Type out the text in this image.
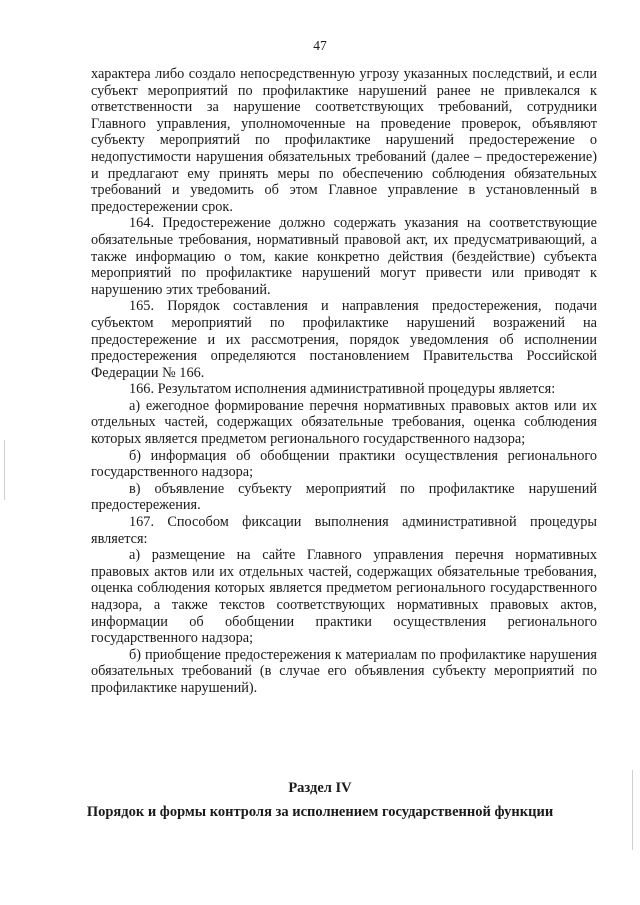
47

характера либо создало непосредственную угрозу указанных последствий, и если субъект мероприятий по профилактике нарушений ранее не привлекался к ответственности за нарушение соответствующих требований, сотрудники Главного управления, уполномоченные на проведение проверок, объявляют субъекту мероприятий по профилактике нарушений предостережение о недопустимости нарушения обязательных требований (далее – предостережение) и предлагают ему принять меры по обеспечению соблюдения обязательных требований и уведомить об этом Главное управление в установленный в предостережении срок.

164. Предостережение должно содержать указания на соответствующие обязательные требования, нормативный правовой акт, их предусматривающий, а также информацию о том, какие конкретно действия (бездействие) субъекта мероприятий по профилактике нарушений могут привести или приводят к нарушению этих требований.

165. Порядок составления и направления предостережения, подачи субъектом мероприятий по профилактике нарушений возражений на предостережение и их рассмотрения, порядок уведомления об исполнении предостережения определяются постановлением Правительства Российской Федерации № 166.

166. Результатом исполнения административной процедуры является:

а) ежегодное формирование перечня нормативных правовых актов или их отдельных частей, содержащих обязательные требования, оценка соблюдения которых является предметом регионального государственного надзора;

б) информация об обобщении практики осуществления регионального государственного надзора;

в) объявление субъекту мероприятий по профилактике нарушений предостережения.

167. Способом фиксации выполнения административной процедуры является:

а) размещение на сайте Главного управления перечня нормативных правовых актов или их отдельных частей, содержащих обязательные требования, оценка соблюдения которых является предметом регионального государственного надзора, а также текстов соответствующих нормативных правовых актов, информации об обобщении практики осуществления регионального государственного надзора;

б) приобщение предостережения к материалам по профилактике нарушения обязательных требований (в случае его объявления субъекту мероприятий по профилактике нарушений).

Раздел IV
Порядок и формы контроля за исполнением государственной функции
